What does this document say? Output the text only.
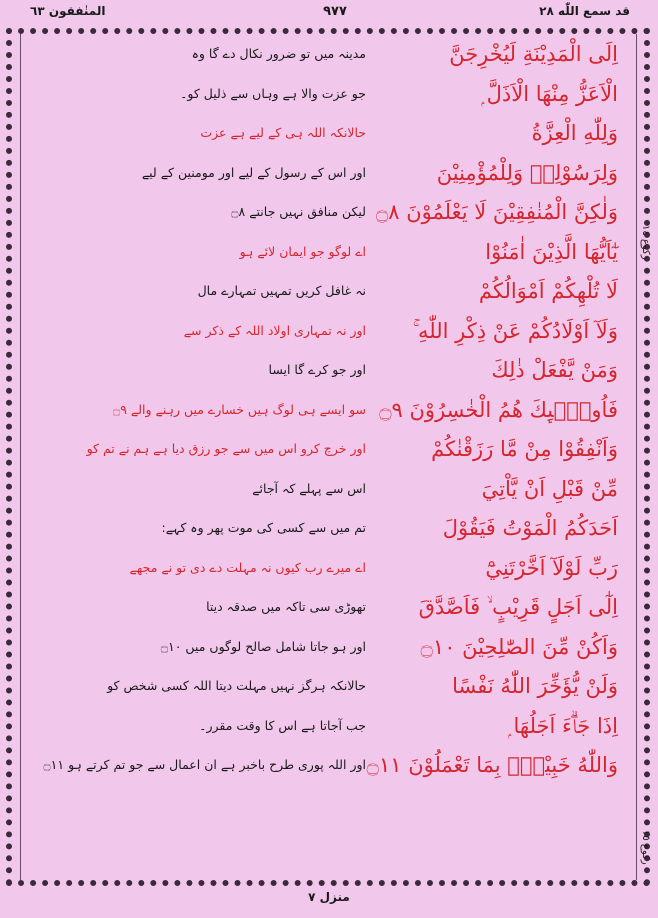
المنٰفقون ٦٣	٩٧٧	قد سمع اللّٰه ٢٨
رکوع ١٤
رکوع ١٥
اِلَى الْمَدِيْنَةِ لَيُخْرِجَنَّ
مدینہ میں تو ضرور نکال دے گا وہ
الْاَعَزُّ مِنْهَا الْاَذَلَّ ۭ
جو عزت والا ہے وہاں سے ذلیل کو۔
وَلِلّٰهِ الْعِزَّةُ
حالانکہ اللہ ہی کے لیے ہے عزت
وَلِرَسُوْلِهٖ وَلِلْمُؤْمِنِيْنَ
اور اس کے رسول کے لیے اور مومنین کے لیے
وَلٰكِنَّ الْمُنٰفِقِيْنَ لَا يَعْلَمُوْنَ ۝٨
لیکن منافق نہیں جانتے ۝٨
يٰٓاَيُّهَا الَّذِيْنَ اٰمَنُوْا
اے لوگو جو ایمان لائے ہو
لَا تُلْهِكُمْ اَمْوَالُكُمْ
نہ غافل کریں تمہیں تمہارے مال
وَلَآ اَوْلَادُكُمْ عَنْ ذِكْرِ اللّٰهِ ۚ
اور نہ تمہاری اولاد اللہ کے ذکر سے
وَمَنْ يَّفْعَلْ ذٰلِكَ
اور جو کرے گا ایسا
فَاُولٰۗىِٕكَ هُمُ الْخٰسِرُوْنَ ۝٩
سو ایسے ہی لوگ ہیں خسارے میں رہنے والے ۝٩
وَاَنْفِقُوْا مِنْ مَّا رَزَقْنٰكُمْ
اور خرچ کرو اس میں سے جو رزق دیا ہے ہم نے تم کو
مِّنْ قَبْلِ اَنْ يَّاْتِيَ
اس سے پہلے کہ آجائے
اَحَدَكُمُ الْمَوْتُ فَيَقُوْلَ
تم میں سے کسی کی موت پھر وہ کہے:
رَبِّ لَوْلَآ اَخَّرْتَنِيْٓ
اے میرے رب کیوں نہ مہلت دے دی تو نے مجھے
اِلٰٓى اَجَلٍ قَرِيْبٍ ۙ فَاَصَّدَّقَ
تھوڑی سی تاکہ میں صدقہ دیتا
وَاَكُنْ مِّنَ الصّٰلِحِيْنَ ۝١٠
اور ہو جاتا شامل صالح لوگوں میں ۝١٠
وَلَنْ يُّؤَخِّرَ اللّٰهُ نَفْسًا
حالانکہ ہرگز نہیں مہلت دیتا اللہ کسی شخص کو
اِذَا جَاۗءَ اَجَلُهَا ۭ
جب آجاتا ہے اس کا وقت مقرر۔
وَاللّٰهُ خَبِيْرٌۢ بِمَا تَعْمَلُوْنَ ۝١١
اور اللہ پوری طرح باخبر ہے ان اعمال سے جو تم کرتے ہو ۝١١
منزل ٧
